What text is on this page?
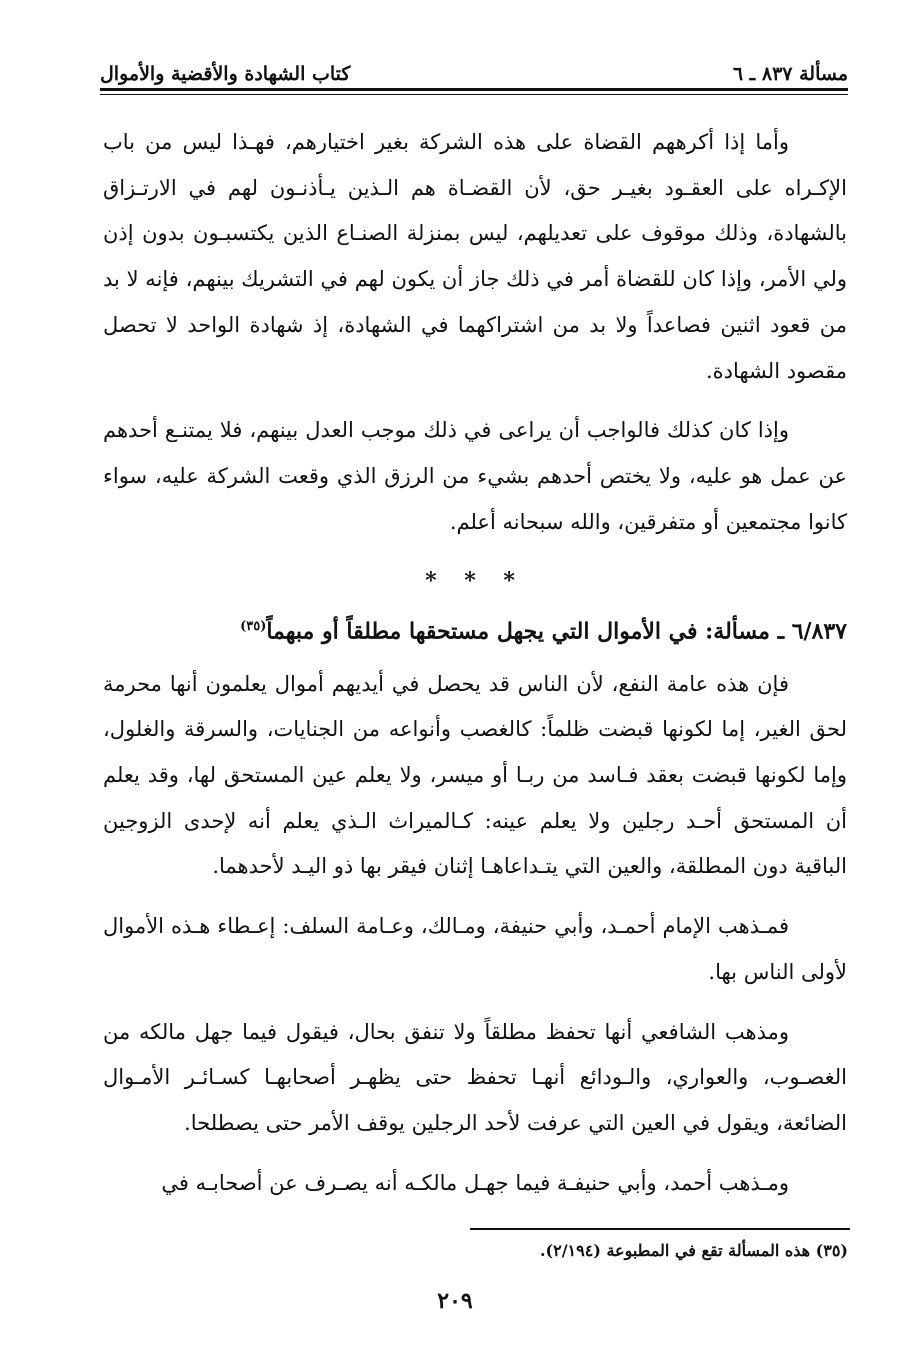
مسألة ٨٣٧ ـ ٦
كتاب الشهادة والأقضية والأموال

وأما إذا أكرههم القضاة على هذه الشركة بغير اختيارهم، فهـذا ليس من باب الإكـراه على العقـود بغيـر حق، لأن القضـاة هم الـذين يـأذنـون لهم في الارتـزاق بالشهادة، وذلك موقوف على تعديلهم، ليس بمنزلة الصنـاع الذين يكتسبـون بدون إذن ولي الأمر، وإذا كان للقضاة أمر في ذلك جاز أن يكون لهم في التشريك بينهم، فإنه لا بد من قعود اثنين فصاعداً ولا بد من اشتراكهما في الشهادة، إذ شهادة الواحد لا تحصل مقصود الشهادة.

وإذا كان كذلك فالواجب أن يراعى في ذلك موجب العدل بينهم، فلا يمتنـع أحدهم عن عمل هو عليه، ولا يختص أحدهم بشيء من الرزق الذي وقعت الشركة عليه، سواء كانوا مجتمعين أو متفرقين، والله سبحانه أعلم.

* * *
٦/٨٣٧ ـ مسألة: في الأموال التي يجهل مستحقها مطلقاً أو مبهماً$^{(٣٥)}$

فإن هذه عامة النفع، لأن الناس قد يحصل في أيديهم أموال يعلمون أنها محرمة لحق الغير، إما لكونها قبضت ظلماً: كالغصب وأنواعه من الجنايات، والسرقة والغلول، وإما لكونها قبضت بعقد فـاسد من ربـا أو ميسر، ولا يعلم عين المستحق لها، وقد يعلم أن المستحق أحـد رجلين ولا يعلم عينه: كـالميراث الـذي يعلم أنه لإحدى الزوجين الباقية دون المطلقة، والعين التي يتـداعاهـا إثنان فيقر بها ذو اليـد لأحدهما.

فمـذهب الإمام أحمـد، وأبي حنيفة، ومـالك، وعـامة السلف: إعـطاء هـذه الأموال لأولى الناس بها.

ومذهب الشافعي أنها تحفظ مطلقاً ولا تنفق بحال، فيقول فيما جهل مالكه من الغصـوب، والعواري، والـودائع أنهـا تحفظ حتى يظهـر أصحابهـا كسـائـر الأمـوال الضائعة، ويقول في العين التي عرفت لأحد الرجلين يوقف الأمر حتى يصطلحا.

ومـذهب أحمد، وأبي حنيفـة فيما جهـل مالكـه أنه يصـرف عن أصحابـه في

(٣٥) هذه المسألة تقع في المطبوعة (٢/١٩٤).
٢٠٩
